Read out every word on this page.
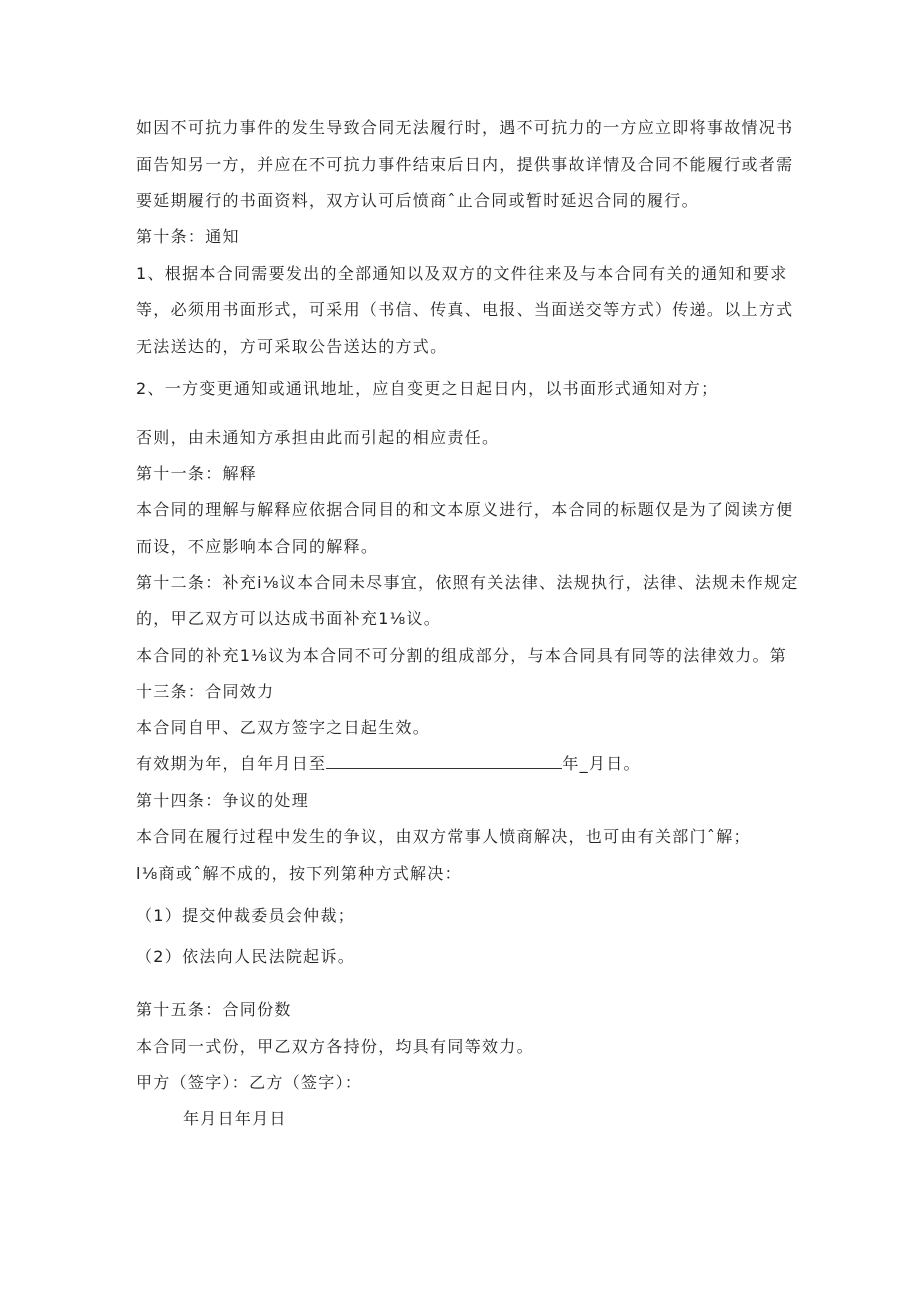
如因不可抗力事件的发生导致合同无法履行时，遇不可抗力的一方应立即将事故情况书
面告知另一方，并应在不可抗力事件结束后日内，提供事故详情及合同不能履行或者需
要延期履行的书面资料，双方认可后愤商ˆ止合同或暂时延迟合同的履行。
第十条：通知
1、根据本合同需要发出的全部通知以及双方的文件往来及与本合同有关的通知和要求
等，必须用书面形式，可采用（书信、传真、电报、当面送交等方式）传递。以上方式
无法送达的，方可采取公告送达的方式。
2、一方变更通知或通讯地址，应自变更之日起日内，以书面形式通知对方；
否则，由未通知方承担由此而引起的相应责任。
第十一条：解释
本合同的理解与解释应依据合同目的和文本原义进行，本合同的标题仅是为了阅读方便
而设，不应影响本合同的解释。
第十二条：补充i⅛议本合同未尽事宜，依照有关法律、法规执行，法律、法规未作规定
的，甲乙双方可以达成书面补充1⅛议。
本合同的补充1⅛议为本合同不可分割的组成部分，与本合同具有同等的法律效力。第
十三条：合同效力
本合同自甲、乙双方签字之日起生效。
有效期为年，自年月日至	年_月日。
第十四条：争议的处理
本合同在履行过程中发生的争议，由双方常事人愤商解决，也可由有关部门ˆ解；
l⅛商或ˆ解不成的，按下列第种方式解决：
（1）提交仲裁委员会仲裁；
（2）依法向人民法院起诉。
第十五条：合同份数
本合同一式份，甲乙双方各持份，均具有同等效力。
甲方（签字）：乙方（签字）：
年月日年月日
